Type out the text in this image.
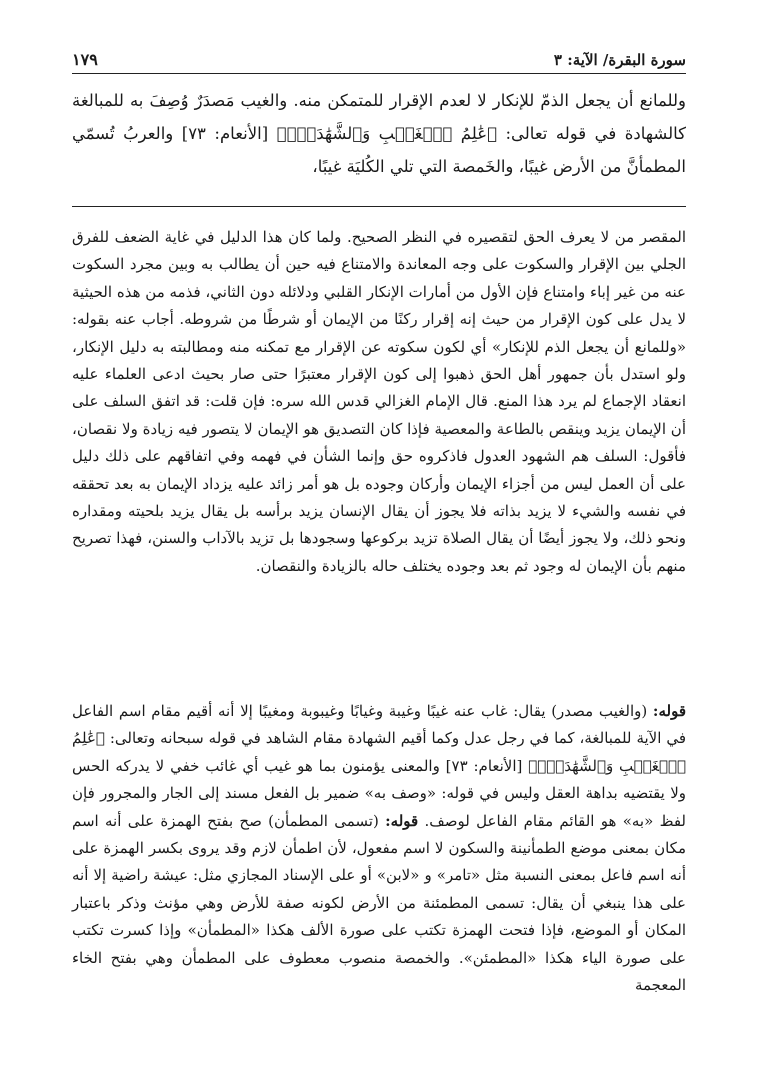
١٧٩	سورة البقرة/ الآية: ٣

وللمانع أن يجعل الذمّ للإنكار لا لعدم الإقرار للمتمكن منه. والغيب مَصدَرٌ وُصِفَ به للمبالغة كالشهادة في قوله تعالى: ﴿عَٰلِمُ ٱلۡغَيۡبِ وَٱلشَّهَٰدَةِۚ﴾ [الأنعام: ٧٣] والعربُ تُسمّي المطمأنَّ من الأرض غيبًا، والخَمصة التي تلي الكُليَة غيبًا،

المقصر من لا يعرف الحق لتقصيره في النظر الصحيح. ولما كان هذا الدليل في غاية الضعف للفرق الجلي بين الإقرار والسكوت على وجه المعاندة والامتناع فيه حين أن يطالب به وبين مجرد السكوت عنه من غير إباء وامتناع فإن الأول من أمارات الإنكار القلبي ودلائله دون الثاني، فذمه من هذه الحيثية لا يدل على كون الإقرار من حيث إنه إقرار ركنًا من الإيمان أو شرطًا من شروطه. أجاب عنه بقوله: «وللمانع أن يجعل الذم للإنكار» أي لكون سكوته عن الإقرار مع تمكنه منه ومطالبته به دليل الإنكار، ولو استدل بأن جمهور أهل الحق ذهبوا إلى كون الإقرار معتبرًا حتى صار بحيث ادعى العلماء عليه انعقاد الإجماع لم يرد هذا المنع. قال الإمام الغزالي قدس الله سره: فإن قلت: قد اتفق السلف على أن الإيمان يزيد وينقص بالطاعة والمعصية فإذا كان التصديق هو الإيمان لا يتصور فيه زيادة ولا نقصان، فأقول: السلف هم الشهود العدول فاذكروه حق وإنما الشأن في فهمه وفي اتفاقهم على ذلك دليل على أن العمل ليس من أجزاء الإيمان وأركان وجوده بل هو أمر زائد عليه يزداد الإيمان به بعد تحققه في نفسه والشيء لا يزيد بذاته فلا يجوز أن يقال الإنسان يزيد برأسه بل يقال يزيد بلحيته ومقداره ونحو ذلك، ولا يجوز أيضًا أن يقال الصلاة تزيد بركوعها وسجودها بل تزيد بالآداب والسنن، فهذا تصريح منهم بأن الإيمان له وجود ثم بعد وجوده يختلف حاله بالزيادة والنقصان.

قوله: (والغيب مصدر) يقال: غاب عنه غيبًا وغيبة وغيابًا وغيبوبة ومغيبًا إلا أنه أقيم مقام اسم الفاعل في الآية للمبالغة، كما في رجل عدل وكما أقيم الشهادة مقام الشاهد في قوله سبحانه وتعالى: ﴿عَٰلِمُ ٱلۡغَيۡبِ وَٱلشَّهَٰدَةِۚ﴾ [الأنعام: ٧٣] والمعنى يؤمنون بما هو غيب أي غائب خفي لا يدركه الحس ولا يقتضيه بداهة العقل وليس في قوله: «وصف به» ضمير بل الفعل مسند إلى الجار والمجرور فإن لفظ «به» هو القائم مقام الفاعل لوصف. قوله: (تسمى المطمأن) صح بفتح الهمزة على أنه اسم مكان بمعنى موضع الطمأنينة والسكون لا اسم مفعول، لأن اطمأن لازم وقد يروى بكسر الهمزة على أنه اسم فاعل بمعنى النسبة مثل «تامر» و «لابن» أو على الإسناد المجازي مثل: عيشة راضية إلا أنه على هذا ينبغي أن يقال: تسمى المطمئنة من الأرض لكونه صفة للأرض وهي مؤنث وذكر باعتبار المكان أو الموضع، فإذا فتحت الهمزة تكتب على صورة الألف هكذا «المطمأن» وإذا كسرت تكتب على صورة الياء هكذا «المطمئن». والخمصة منصوب معطوف على المطمأن وهي بفتح الخاء المعجمة
